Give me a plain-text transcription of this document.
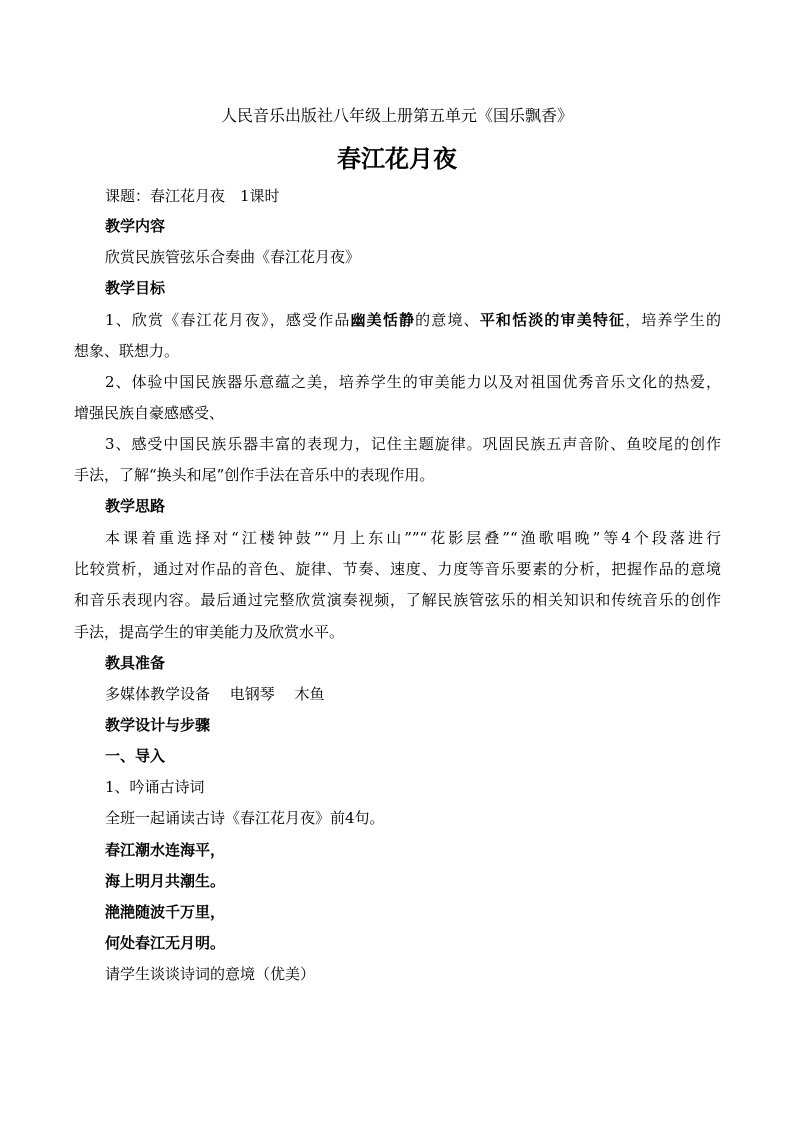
人民音乐出版社八年级上册第五单元《国乐飘香》
春江花月夜
课题：春江花月夜　1课时
教学内容
欣赏民族管弦乐合奏曲《春江花月夜》
教学目标
1、欣赏《春江花月夜》，感受作品幽美恬静的意境、平和恬淡的审美特征，培养学生的
想象、联想力。
2、体验中国民族器乐意蕴之美，培养学生的审美能力以及对祖国优秀音乐文化的热爱，
增强民族自豪感感受、
3、感受中国民族乐器丰富的表现力，记住主题旋律。巩固民族五声音阶、鱼咬尾的创作
手法，了解“换头和尾”创作手法在音乐中的表现作用。
教学思路
本课着重选择对“江楼钟鼓”“月上东山””“花影层叠”“渔歌唱晚”等4个段落进行
比较赏析，通过对作品的音色、旋律、节奏、速度、力度等音乐要素的分析，把握作品的意境
和音乐表现内容。最后通过完整欣赏演奏视频，了解民族管弦乐的相关知识和传统音乐的创作
手法，提高学生的审美能力及欣赏水平。
教具准备
多媒体教学设备　 电钢琴 　木鱼
教学设计与步骤
一、导入
1、吟诵古诗词
全班一起诵读古诗《春江花月夜》前4句。
春江潮水连海平，
海上明月共潮生。
滟滟随波千万里，
何处春江无月明。
请学生谈谈诗词的意境（优美）
